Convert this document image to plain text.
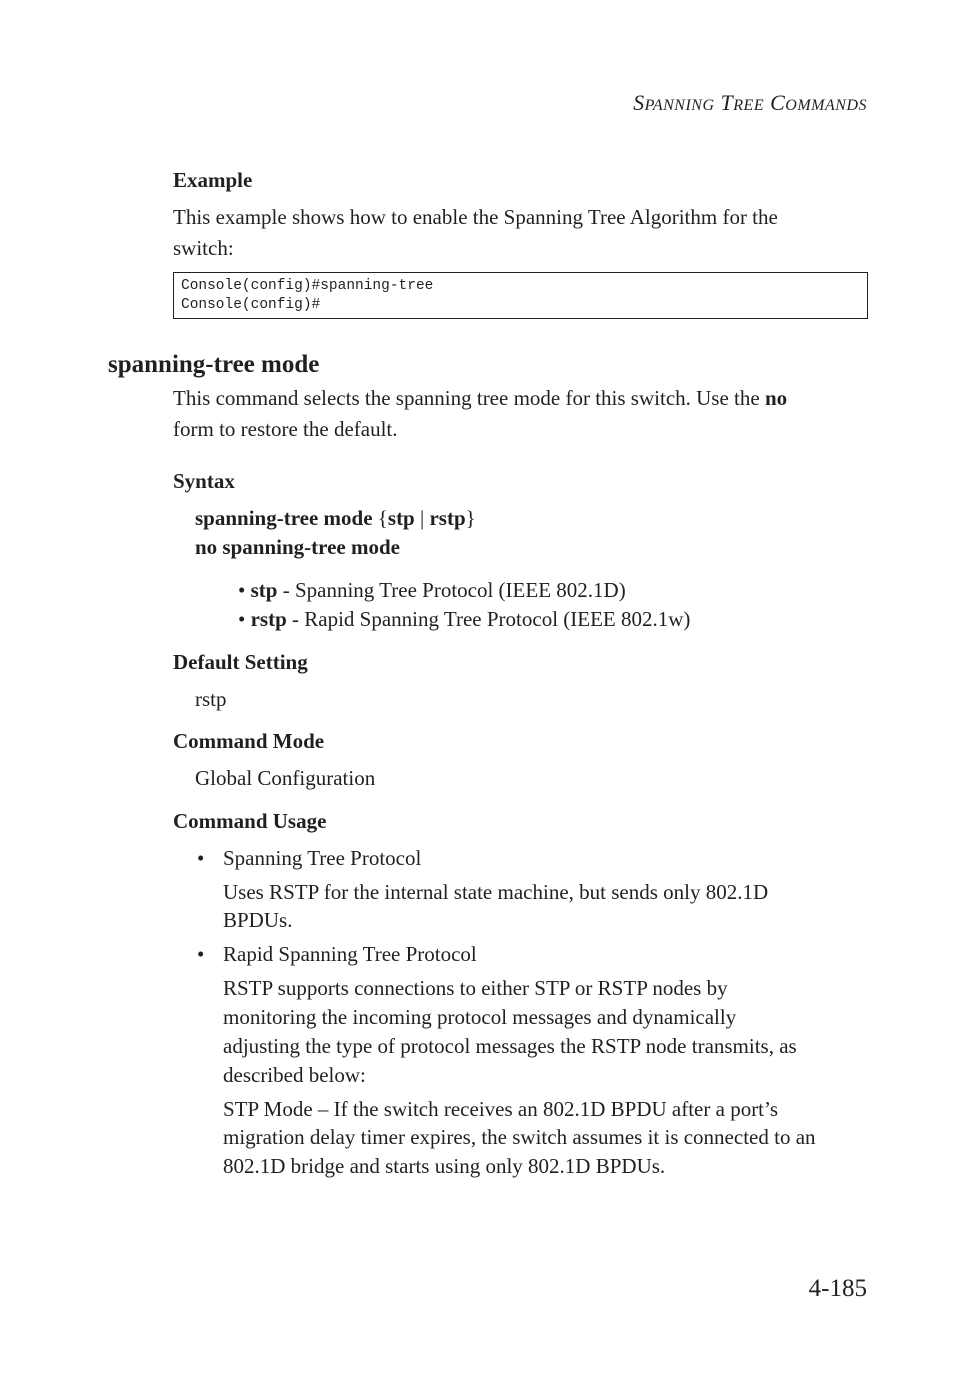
SPANNING TREE COMMANDS
Example
This example shows how to enable the Spanning Tree Algorithm for the
switch:
Console(config)#spanning-tree
Console(config)#
spanning-tree mode
This command selects the spanning tree mode for this switch. Use the no
form to restore the default.
Syntax
spanning-tree mode {stp | rstp}
no spanning-tree mode
• stp - Spanning Tree Protocol (IEEE 802.1D)
• rstp - Rapid Spanning Tree Protocol (IEEE 802.1w)
Default Setting
rstp
Command Mode
Global Configuration
Command Usage
• Spanning Tree Protocol
Uses RSTP for the internal state machine, but sends only 802.1D
BPDUs.
• Rapid Spanning Tree Protocol
RSTP supports connections to either STP or RSTP nodes by
monitoring the incoming protocol messages and dynamically
adjusting the type of protocol messages the RSTP node transmits, as
described below:
STP Mode – If the switch receives an 802.1D BPDU after a port’s
migration delay timer expires, the switch assumes it is connected to an
802.1D bridge and starts using only 802.1D BPDUs.
4-185
